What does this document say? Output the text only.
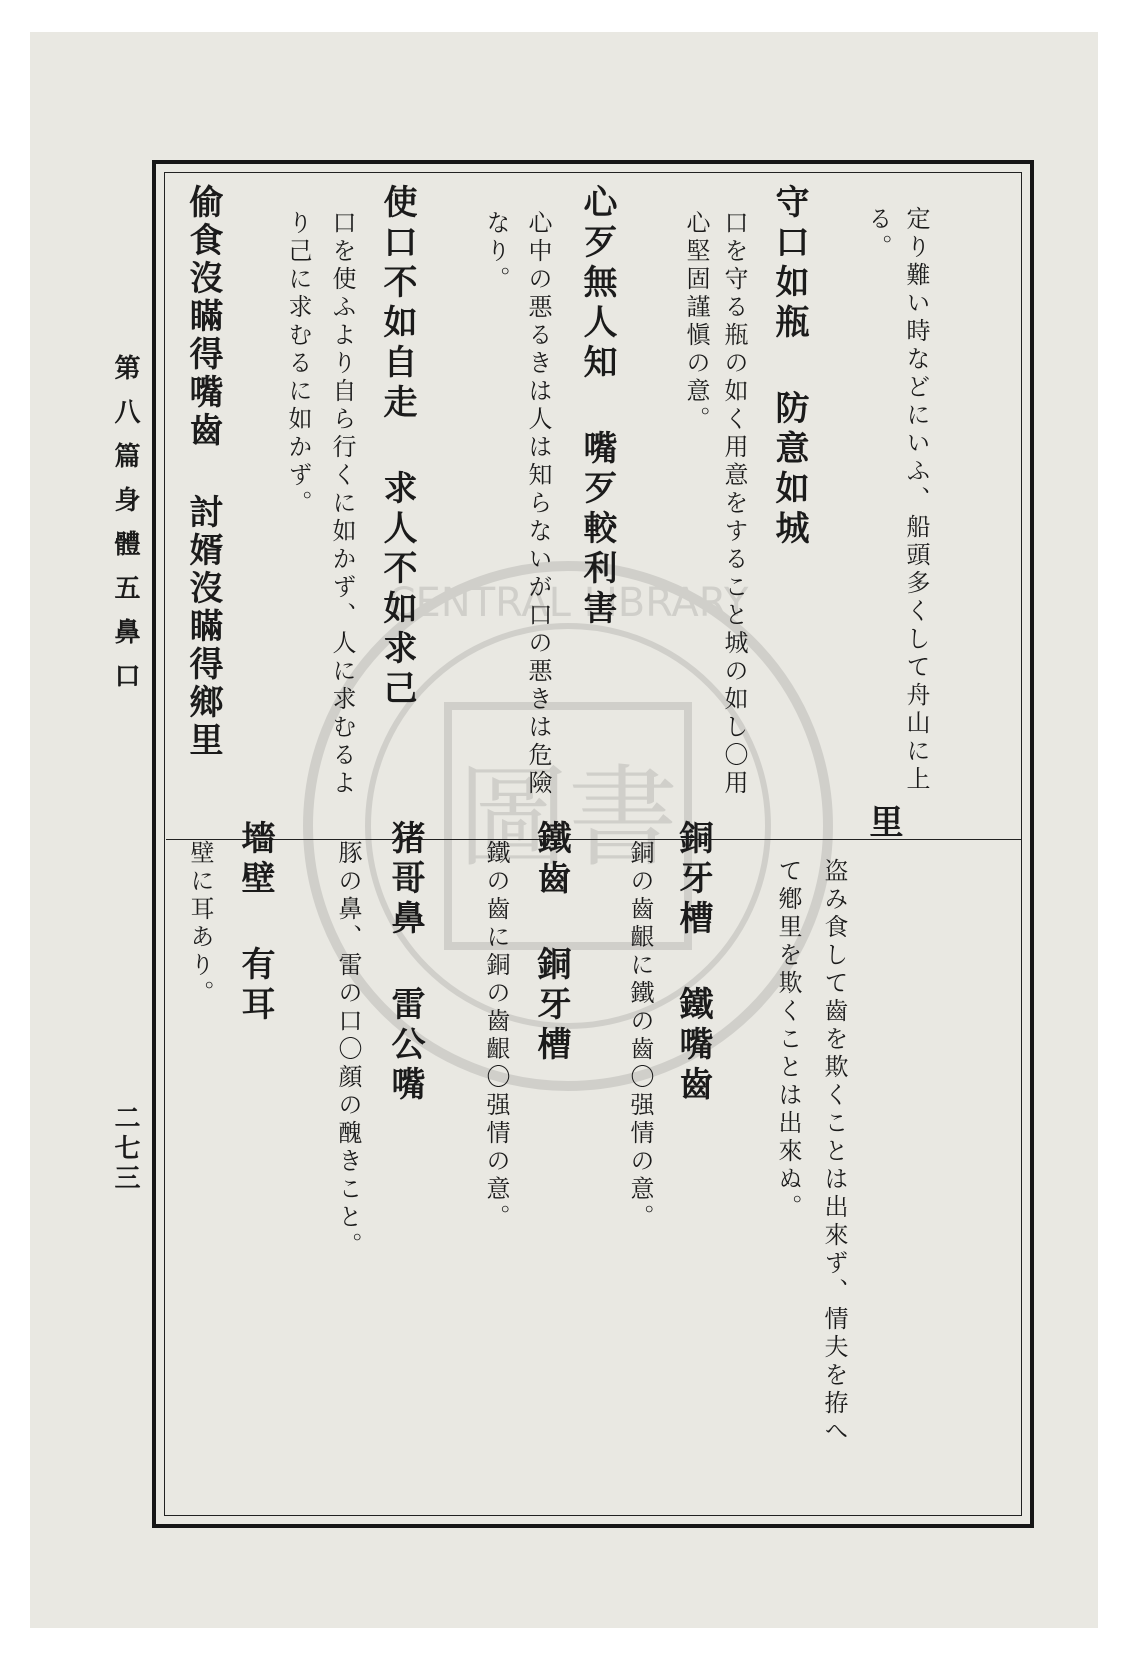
CENTRAL LIBRARY
圖書
定り難い時などにいふ、船頭多くして舟山に上
る。
守口如瓶 防意如城
口を守る瓶の如く用意をすること城の如し〇用
心堅固謹愼の意。
心歹無人知 嘴歹較利害
心中の悪るきは人は知らないが口の悪きは危險
なり。
使口不如自走 求人不如求己
口を使ふより自ら行くに如かず、人に求むるよ
り己に求むるに如かず。
偷食沒瞞得嘴齒 討婿沒瞞得鄉里
里
盗み食して齒を欺くことは出來ず、情夫を拵へ
て鄕里を欺くことは出來ぬ。
銅牙槽 鐵嘴齒
銅の齒齦に鐵の齒〇强情の意。
鐵齒 銅牙槽
鐵の齒に銅の齒齦〇强情の意。
猪哥鼻 雷公嘴
豚の鼻、雷の口〇顔の醜きこと。
墻壁 有耳
壁に耳あり。
第八篇身體五鼻口
二七三
